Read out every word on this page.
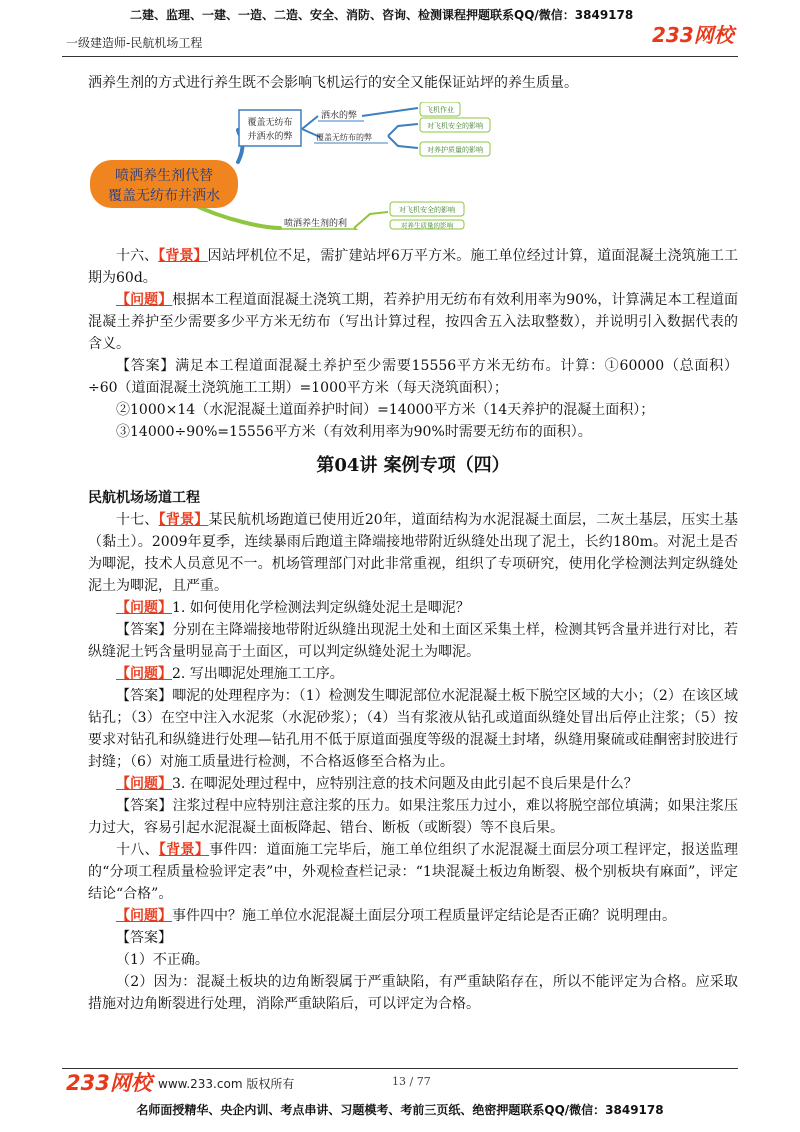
二建、监理、一建、一造、二造、安全、消防、咨询、检测课程押题联系QQ/微信：3849178
一级建造师-民航机场工程	233网校

洒养生剂的方式进行养生既不会影响飞机运行的安全又能保证站坪的养生质量。

喷洒养生剂代替
覆盖无纺布并洒水
覆盖无纺布
并洒水的弊
洒水的弊
覆盖无纺布的弊
飞机作业
对飞机安全的影响
对养护质量的影响
喷洒养生剂的利
对飞机安全的影响
对养生质量的影响

十六、【背景】因站坪机位不足，需扩建站坪6万平方米。施工单位经过计算，道面混凝土浇筑施工工期为60d。

【问题】根据本工程道面混凝土浇筑工期，若养护用无纺布有效利用率为90%，计算满足本工程道面混凝土养护至少需要多少平方米无纺布（写出计算过程，按四舍五入法取整数），并说明引入数据代表的含义。

【答案】满足本工程道面混凝土养护至少需要15556平方米无纺布。计算：①60000（总面积）÷60（道面混凝土浇筑施工工期）=1000平方米（每天浇筑面积）；

②1000×14（水泥混凝土道面养护时间）=14000平方米（14天养护的混凝土面积）；

③14000÷90%=15556平方米（有效利用率为90%时需要无纺布的面积）。

第04讲 案例专项（四）

民航机场场道工程

十七、【背景】某民航机场跑道已使用近20年，道面结构为水泥混凝土面层，二灰土基层，压实土基（黏土）。2009年夏季，连续暴雨后跑道主降端接地带附近纵缝处出现了泥土，长约180m。对泥土是否为唧泥，技术人员意见不一。机场管理部门对此非常重视，组织了专项研究，使用化学检测法判定纵缝处泥土为唧泥，且严重。

【问题】1. 如何使用化学检测法判定纵缝处泥土是唧泥？

【答案】分别在主降端接地带附近纵缝出现泥土处和土面区采集土样，检测其钙含量并进行对比，若纵缝泥土钙含量明显高于土面区，可以判定纵缝处泥土为唧泥。

【问题】2. 写出唧泥处理施工工序。

【答案】唧泥的处理程序为：（1）检测发生唧泥部位水泥混凝土板下脱空区域的大小；（2）在该区域钻孔；（3）在空中注入水泥浆（水泥砂浆）；（4）当有浆液从钻孔或道面纵缝处冒出后停止注浆；（5）按要求对钻孔和纵缝进行处理—钻孔用不低于原道面强度等级的混凝土封堵，纵缝用聚硫或硅酮密封胶进行封缝；（6）对施工质量进行检测，不合格返修至合格为止。

【问题】3. 在唧泥处理过程中，应特别注意的技术问题及由此引起不良后果是什么？

【答案】注浆过程中应特别注意注浆的压力。如果注浆压力过小，难以将脱空部位填满；如果注浆压力过大，容易引起水泥混凝土面板降起、错台、断板（或断裂）等不良后果。

十八、【背景】事件四：道面施工完毕后，施工单位组织了水泥混凝土面层分项工程评定，报送监理的“分项工程质量检验评定表”中，外观检查栏记录：“1块混凝土板边角断裂、极个别板块有麻面”，评定结论“合格”。

【问题】事件四中？施工单位水泥混凝土面层分项工程质量评定结论是否正确？说明理由。

【答案】

（1）不正确。

（2）因为：混凝土板块的边角断裂属于严重缺陷，有严重缺陷存在，所以不能评定为合格。应采取措施对边角断裂进行处理，消除严重缺陷后，可以评定为合格。

233网校 www.233.com 版权所有	13 / 77
名师面授精华、央企内训、考点串讲、习题模考、考前三页纸、绝密押题联系QQ/微信：3849178
